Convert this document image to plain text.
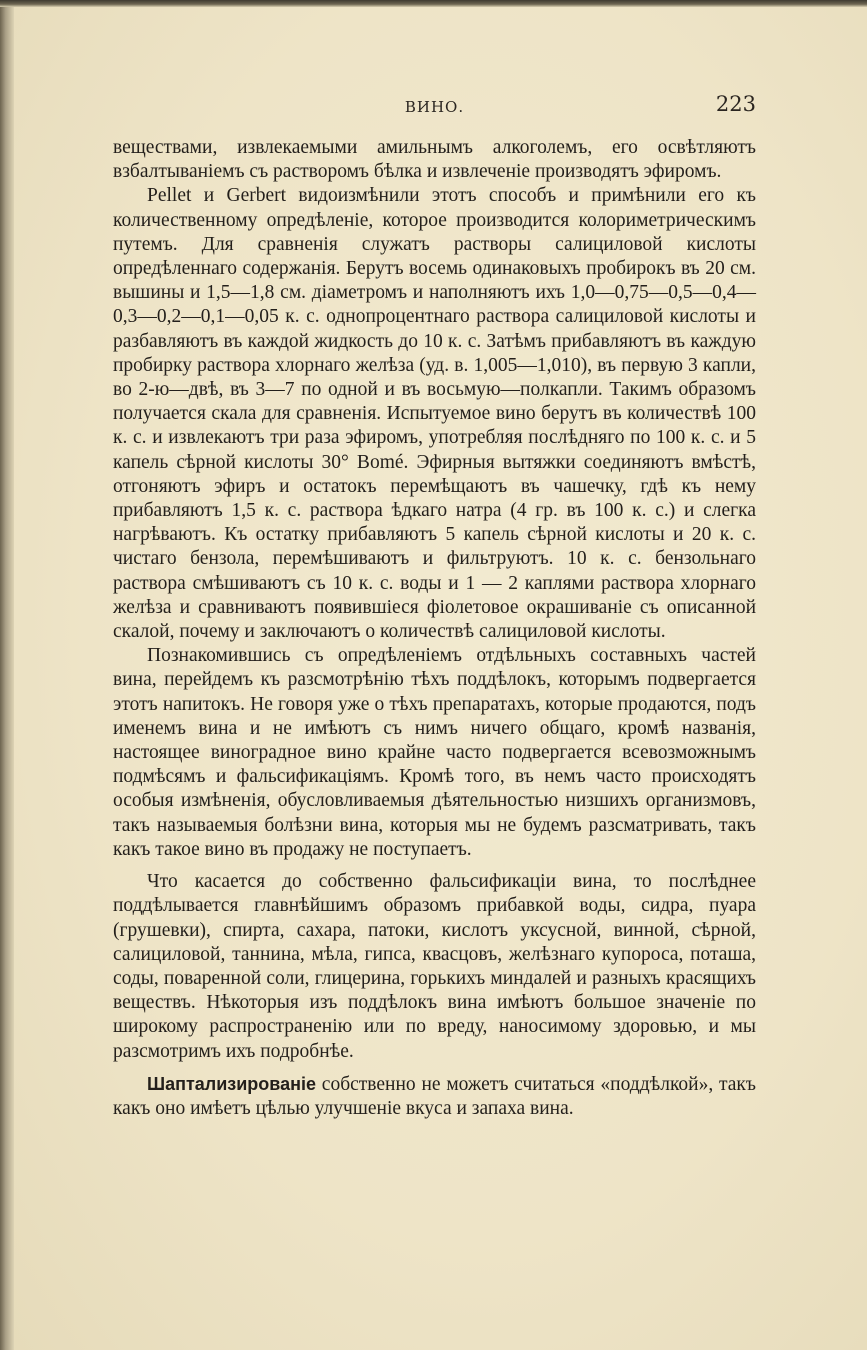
ВИНО.	223

веществами, извлекаемыми амильнымъ алкоголемъ, его освѣтляютъ взбалтываніемъ съ растворомъ бѣлка и извлеченіе производятъ эфиромъ.

Pellet и Gerbert видоизмѣнили этотъ способъ и примѣнили его къ количественному опредѣленіе, которое производится колориметрическимъ путемъ. Для сравненія служатъ растворы салициловой кислоты опредѣленнаго содержанія. Берутъ восемь одинаковыхъ пробирокъ въ 20 см. вышины и 1,5—1,8 см. діаметромъ и наполняютъ ихъ 1,0—0,75—0,5—0,4—0,3—0,2—0,1—0,05 к. с. однопроцентнаго раствора салициловой кислоты и разбавляютъ въ каждой жидкость до 10 к. с. Затѣмъ прибавляютъ въ каждую пробирку раствора хлорнаго желѣза (уд. в. 1,005—1,010), въ первую 3 капли, во 2-ю—двѣ, въ 3—7 по одной и въ восьмую—полкапли. Такимъ образомъ получается скала для сравненія. Испытуемое вино берутъ въ количествѣ 100 к. с. и извлекаютъ три раза эфиромъ, употребляя послѣдняго по 100 к. с. и 5 капель сѣрной кислоты 30° Bomé. Эфирныя вытяжки соединяютъ вмѣстѣ, отгоняютъ эфиръ и остатокъ перемѣщаютъ въ чашечку, гдѣ къ нему прибавляютъ 1,5 к. с. раствора ѣдкаго натра (4 гр. въ 100 к. с.) и слегка нагрѣваютъ. Къ остатку прибавляютъ 5 капель сѣрной кислоты и 20 к. с. чистаго бензола, перемѣшиваютъ и фильтруютъ. 10 к. с. бензольнаго раствора смѣшиваютъ съ 10 к. с. воды и 1 — 2 каплями раствора хлорнаго желѣза и сравниваютъ появившіеся фіолетовое окрашиваніе съ описанной скалой, почему и заключаютъ о количествѣ салициловой кислоты.

Познакомившись съ опредѣленіемъ отдѣльныхъ составныхъ частей вина, перейдемъ къ разсмотрѣнію тѣхъ поддѣлокъ, которымъ подвергается этотъ напитокъ. Не говоря уже о тѣхъ препаратахъ, которые продаются, подъ именемъ вина и не имѣютъ съ нимъ ничего общаго, кромѣ названія, настоящее виноградное вино крайне часто подвергается всевозможнымъ подмѣсямъ и фальсификаціямъ. Кромѣ того, въ немъ часто происходятъ особыя измѣненія, обусловливаемыя дѣятельностью низшихъ организмовъ, такъ называемыя болѣзни вина, которыя мы не будемъ разсматривать, такъ какъ такое вино въ продажу не поступаетъ.

Что касается до собственно фальсификаціи вина, то послѣднее поддѣлывается главнѣйшимъ образомъ прибавкой воды, сидра, пуара (грушевки), спирта, сахара, патоки, кислотъ уксусной, винной, сѣрной, салициловой, таннина, мѣла, гипса, квасцовъ, желѣзнаго купороса, поташа, соды, поваренной соли, глицерина, горькихъ миндалей и разныхъ красящихъ веществъ. Нѣкоторыя изъ поддѣлокъ вина имѣютъ большое значеніе по широкому распространенію или по вреду, наносимому здоровью, и мы разсмотримъ ихъ подробнѣе.

Шаптализированіе собственно не можетъ считаться «поддѣлкой», такъ какъ оно имѣетъ цѣлью улучшеніе вкуса и запаха вина.
